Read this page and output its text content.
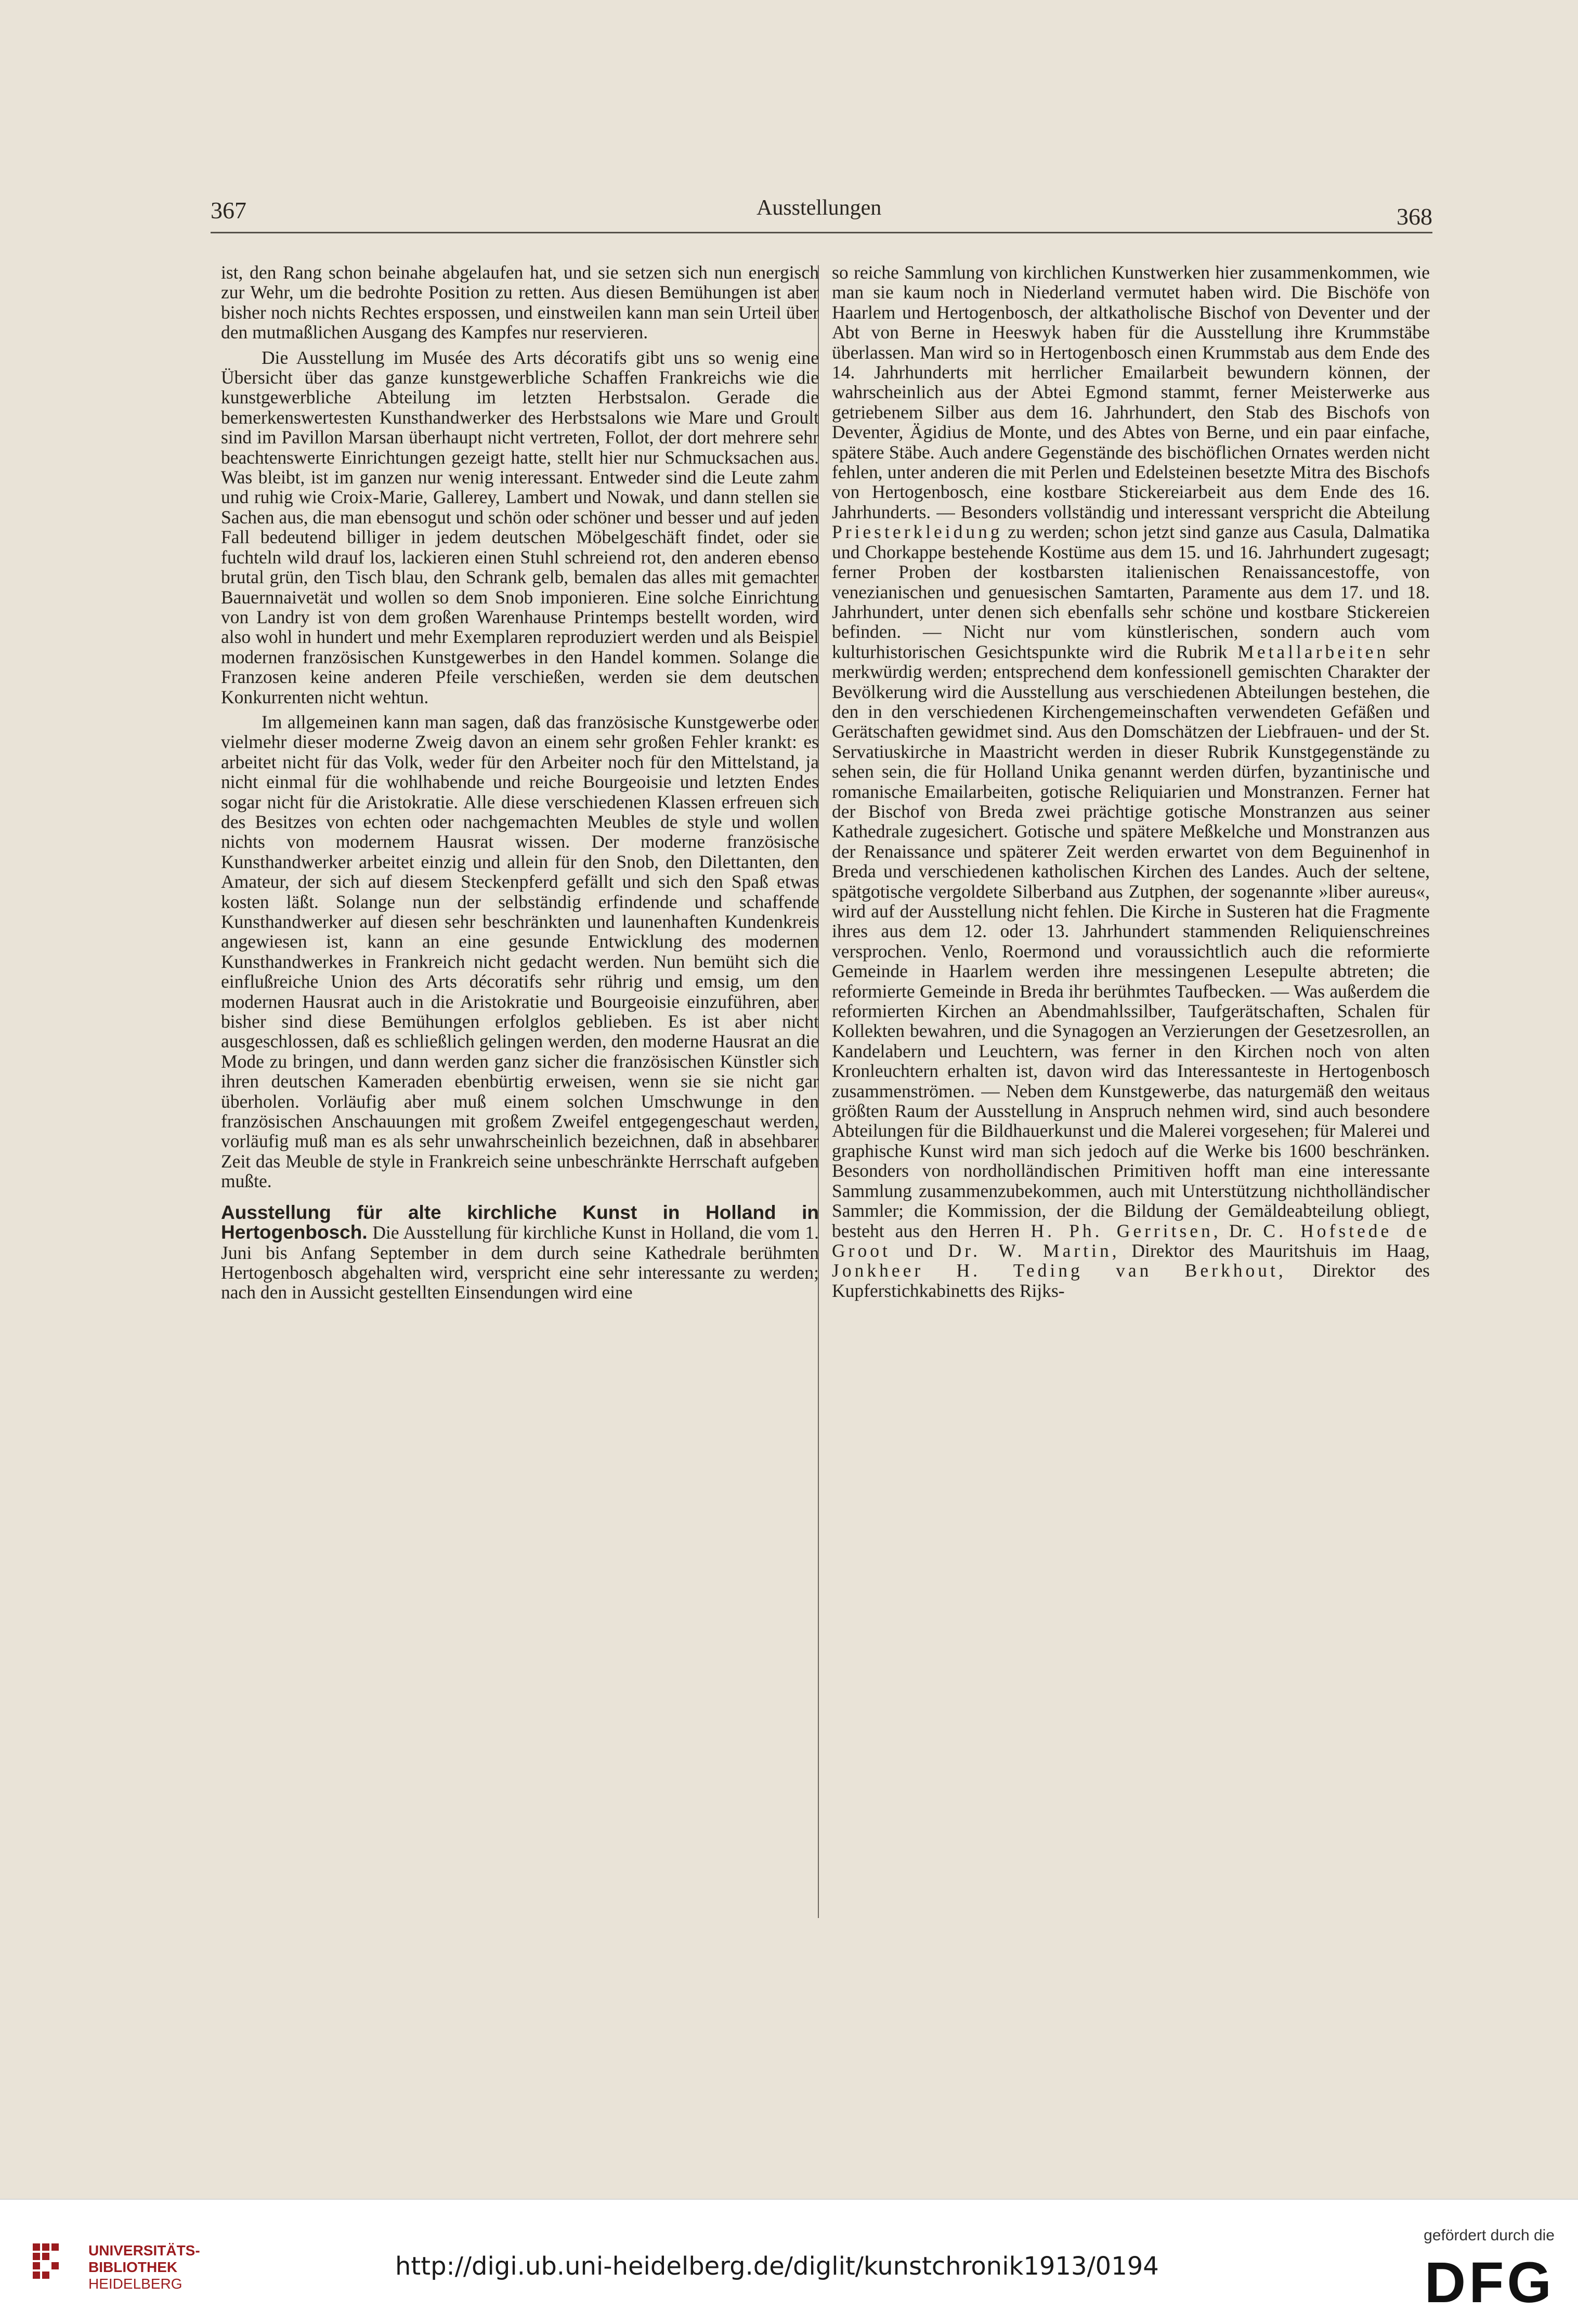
367	Ausstellungen	368

ist, den Rang schon beinahe abgelaufen hat, und sie setzen sich nun energisch zur Wehr, um die bedrohte Position zu retten. Aus diesen Bemühungen ist aber bisher noch nichts Rechtes erspossen, und einstweilen kann man sein Urteil über den mutmaßlichen Ausgang des Kampfes nur reservieren.

Die Ausstellung im Musée des Arts décoratifs gibt uns so wenig eine Übersicht über das ganze kunstgewerbliche Schaffen Frankreichs wie die kunstgewerbliche Abteilung im letzten Herbstsalon. Gerade die bemerkenswertesten Kunsthandwerker des Herbstsalons wie Mare und Groult sind im Pavillon Marsan überhaupt nicht vertreten, Follot, der dort mehrere sehr beachtenswerte Einrichtungen gezeigt hatte, stellt hier nur Schmucksachen aus. Was bleibt, ist im ganzen nur wenig interessant. Entweder sind die Leute zahm und ruhig wie Croix-Marie, Gallerey, Lambert und Nowak, und dann stellen sie Sachen aus, die man ebensogut und schön oder schöner und besser und auf jeden Fall bedeutend billiger in jedem deutschen Möbelgeschäft findet, oder sie fuchteln wild drauf los, lackieren einen Stuhl schreiend rot, den anderen ebenso brutal grün, den Tisch blau, den Schrank gelb, bemalen das alles mit gemachter Bauernnaivetät und wollen so dem Snob imponieren. Eine solche Einrichtung von Landry ist von dem großen Warenhause Printemps bestellt worden, wird also wohl in hundert und mehr Exemplaren reproduziert werden und als Beispiel modernen französischen Kunstgewerbes in den Handel kommen. Solange die Franzosen keine anderen Pfeile verschießen, werden sie dem deutschen Konkurrenten nicht wehtun.

Im allgemeinen kann man sagen, daß das französische Kunstgewerbe oder vielmehr dieser moderne Zweig davon an einem sehr großen Fehler krankt: es arbeitet nicht für das Volk, weder für den Arbeiter noch für den Mittelstand, ja nicht einmal für die wohlhabende und reiche Bourgeoisie und letzten Endes sogar nicht für die Aristokratie. Alle diese verschiedenen Klassen erfreuen sich des Besitzes von echten oder nachgemachten Meubles de style und wollen nichts von modernem Hausrat wissen. Der moderne französische Kunsthandwerker arbeitet einzig und allein für den Snob, den Dilettanten, den Amateur, der sich auf diesem Steckenpferd gefällt und sich den Spaß etwas kosten läßt. Solange nun der selbständig erfindende und schaffende Kunsthandwerker auf diesen sehr beschränkten und launenhaften Kundenkreis angewiesen ist, kann an eine gesunde Entwicklung des modernen Kunsthandwerkes in Frankreich nicht gedacht werden. Nun bemüht sich die einflußreiche Union des Arts décoratifs sehr rührig und emsig, um den modernen Hausrat auch in die Aristokratie und Bourgeoisie einzuführen, aber bisher sind diese Bemühungen erfolglos geblieben. Es ist aber nicht ausgeschlossen, daß es schließlich gelingen werden, den moderne Hausrat an die Mode zu bringen, und dann werden ganz sicher die französischen Künstler sich ihren deutschen Kameraden ebenbürtig erweisen, wenn sie sie nicht gar überholen. Vorläufig aber muß einem solchen Umschwunge in den französischen Anschauungen mit großem Zweifel entgegengeschaut werden, vorläufig muß man es als sehr unwahrscheinlich bezeichnen, daß in absehbarer Zeit das Meuble de style in Frankreich seine unbeschränkte Herrschaft aufgeben mußte.

Ausstellung für alte kirchliche Kunst in Holland in Hertogenbosch. Die Ausstellung für kirchliche Kunst in Holland, die vom 1. Juni bis Anfang September in dem durch seine Kathedrale berühmten Hertogenbosch abgehalten wird, verspricht eine sehr interessante zu werden; nach den in Aussicht gestellten Einsendungen wird eine

so reiche Sammlung von kirchlichen Kunstwerken hier zusammenkommen, wie man sie kaum noch in Niederland vermutet haben wird. Die Bischöfe von Haarlem und Hertogenbosch, der altkatholische Bischof von Deventer und der Abt von Berne in Heeswyk haben für die Ausstellung ihre Krummstäbe überlassen. Man wird so in Hertogenbosch einen Krummstab aus dem Ende des 14. Jahrhunderts mit herrlicher Emailarbeit bewundern können, der wahrscheinlich aus der Abtei Egmond stammt, ferner Meisterwerke aus getriebenem Silber aus dem 16. Jahrhundert, den Stab des Bischofs von Deventer, Ägidius de Monte, und des Abtes von Berne, und ein paar einfache, spätere Stäbe. Auch andere Gegenstände des bischöflichen Ornates werden nicht fehlen, unter anderen die mit Perlen und Edelsteinen besetzte Mitra des Bischofs von Hertogenbosch, eine kostbare Stickereiarbeit aus dem Ende des 16. Jahrhunderts. — Besonders vollständig und interessant verspricht die Abteilung Priesterkleidung zu werden; schon jetzt sind ganze aus Casula, Dalmatika und Chorkappe bestehende Kostüme aus dem 15. und 16. Jahrhundert zugesagt; ferner Proben der kostbarsten italienischen Renaissancestoffe, von venezianischen und genuesischen Samtarten, Paramente aus dem 17. und 18. Jahrhundert, unter denen sich ebenfalls sehr schöne und kostbare Stickereien befinden. — Nicht nur vom künstlerischen, sondern auch vom kulturhistorischen Gesichtspunkte wird die Rubrik Metallarbeiten sehr merkwürdig werden; entsprechend dem konfessionell gemischten Charakter der Bevölkerung wird die Ausstellung aus verschiedenen Abteilungen bestehen, die den in den verschiedenen Kirchengemeinschaften verwendeten Gefäßen und Gerätschaften gewidmet sind. Aus den Domschätzen der Liebfrauen- und der St. Servatiuskirche in Maastricht werden in dieser Rubrik Kunstgegenstände zu sehen sein, die für Holland Unika genannt werden dürfen, byzantinische und romanische Emailarbeiten, gotische Reliquiarien und Monstranzen. Ferner hat der Bischof von Breda zwei prächtige gotische Monstranzen aus seiner Kathedrale zugesichert. Gotische und spätere Meßkelche und Monstranzen aus der Renaissance und späterer Zeit werden erwartet von dem Beguinenhof in Breda und verschiedenen katholischen Kirchen des Landes. Auch der seltene, spätgotische vergoldete Silberband aus Zutphen, der sogenannte »liber aureus«, wird auf der Ausstellung nicht fehlen. Die Kirche in Susteren hat die Fragmente ihres aus dem 12. oder 13. Jahrhundert stammenden Reliquienschreines versprochen. Venlo, Roermond und voraussichtlich auch die reformierte Gemeinde in Haarlem werden ihre messingenen Lesepulte abtreten; die reformierte Gemeinde in Breda ihr berühmtes Taufbecken. — Was außerdem die reformierten Kirchen an Abendmahlssilber, Taufgerätschaften, Schalen für Kollekten bewahren, und die Synagogen an Verzierungen der Gesetzesrollen, an Kandelabern und Leuchtern, was ferner in den Kirchen noch von alten Kronleuchtern erhalten ist, davon wird das Interessanteste in Hertogenbosch zusammenströmen. — Neben dem Kunstgewerbe, das naturgemäß den weitaus größten Raum der Ausstellung in Anspruch nehmen wird, sind auch besondere Abteilungen für die Bildhauerkunst und die Malerei vorgesehen; für Malerei und graphische Kunst wird man sich jedoch auf die Werke bis 1600 beschränken. Besonders von nordholländischen Primitiven hofft man eine interessante Sammlung zusammenzubekommen, auch mit Unterstützung nichtholländischer Sammler; die Kommission, der die Bildung der Gemäldeabteilung obliegt, besteht aus den Herren H. Ph. Gerritsen, Dr. C. Hofstede de Groot und Dr. W. Martin, Direktor des Mauritshuis im Haag, Jonkheer H. Teding van Berkhout, Direktor des Kupferstichkabinetts des Rijks-

UNIVERSITÄTS-
BIBLIOTHEK
HEIDELBERG
http://digi.ub.uni-heidelberg.de/diglit/kunstchronik1913/0194
gefördert durch die
DFG
